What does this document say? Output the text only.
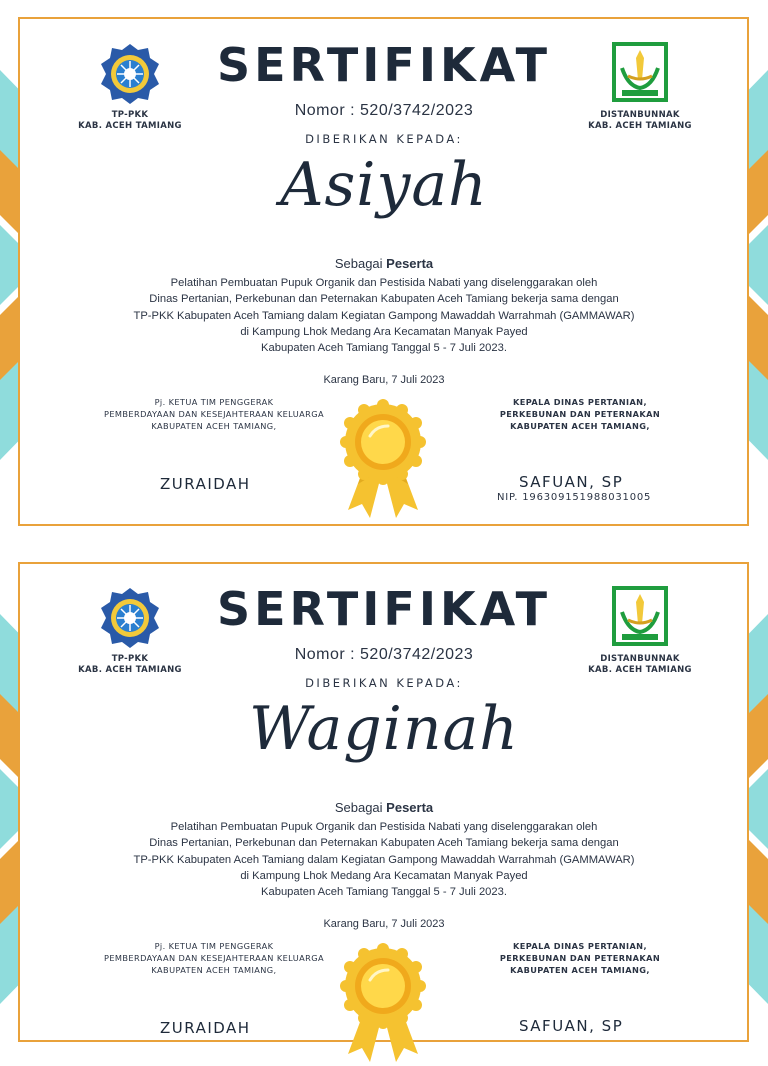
TP-PKK
KAB. ACEH TAMIANG
DISTANBUNNAK
KAB. ACEH TAMIANG
SERTIFIKAT
Nomor : 520/3742/2023
DIBERIKAN KEPADA:
Asiyah
Sebagai Peserta
Pelatihan Pembuatan Pupuk Organik dan Pestisida Nabati yang diselenggarakan oleh
Dinas Pertanian, Perkebunan dan Peternakan Kabupaten Aceh Tamiang bekerja sama dengan
TP-PKK Kabupaten Aceh Tamiang dalam Kegiatan Gampong Mawaddah Warrahmah (GAMMAWAR)
di Kampung Lhok Medang Ara Kecamatan Manyak Payed
Kabupaten Aceh Tamiang Tanggal 5 - 7 Juli 2023.
Karang Baru, 7 Juli 2023
Pj. KETUA TIM PENGGERAK
PEMBERDAYAAN DAN KESEJAHTERAAN KELUARGA
KABUPATEN ACEH TAMIANG,
KEPALA DINAS PERTANIAN,
PERKEBUNAN DAN PETERNAKAN
KABUPATEN ACEH TAMIANG,
ZURAIDAH	SAFUAN, SP
NIP. 196309151988031005
TP-PKK
KAB. ACEH TAMIANG
DISTANBUNNAK
KAB. ACEH TAMIANG
SERTIFIKAT
Nomor : 520/3742/2023
DIBERIKAN KEPADA:
Waginah
Sebagai Peserta
Pelatihan Pembuatan Pupuk Organik dan Pestisida Nabati yang diselenggarakan oleh
Dinas Pertanian, Perkebunan dan Peternakan Kabupaten Aceh Tamiang bekerja sama dengan
TP-PKK Kabupaten Aceh Tamiang dalam Kegiatan Gampong Mawaddah Warrahmah (GAMMAWAR)
di Kampung Lhok Medang Ara Kecamatan Manyak Payed
Kabupaten Aceh Tamiang Tanggal 5 - 7 Juli 2023.
Karang Baru, 7 Juli 2023
Pj. KETUA TIM PENGGERAK
PEMBERDAYAAN DAN KESEJAHTERAAN KELUARGA
KABUPATEN ACEH TAMIANG,
KEPALA DINAS PERTANIAN,
PERKEBUNAN DAN PETERNAKAN
KABUPATEN ACEH TAMIANG,
ZURAIDAH	SAFUAN, SP
